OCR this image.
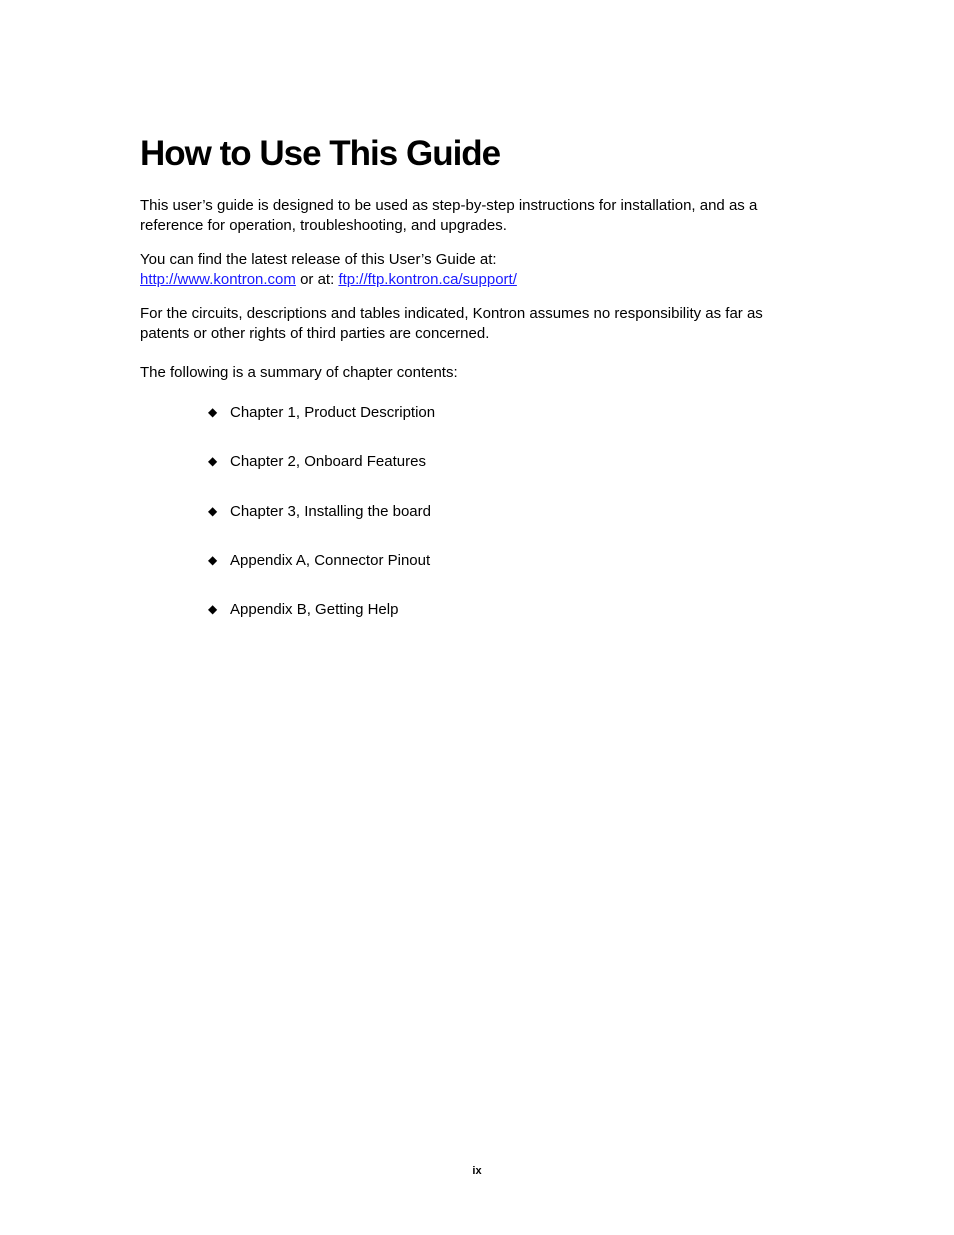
How to Use This Guide

This user’s guide is designed to be used as step-by-step instructions for installation, and as a
reference for operation, troubleshooting, and upgrades.

You can find the latest release of this User’s Guide at:
http://www.kontron.com or at: ftp://ftp.kontron.ca/support/

For the circuits, descriptions and tables indicated, Kontron assumes no responsibility as far as
patents or other rights of third parties are concerned.

The following is a summary of chapter contents:

◆ Chapter 1, Product Description
◆ Chapter 2, Onboard Features
◆ Chapter 3, Installing the board
◆ Appendix A, Connector Pinout
◆ Appendix B, Getting Help
ix
